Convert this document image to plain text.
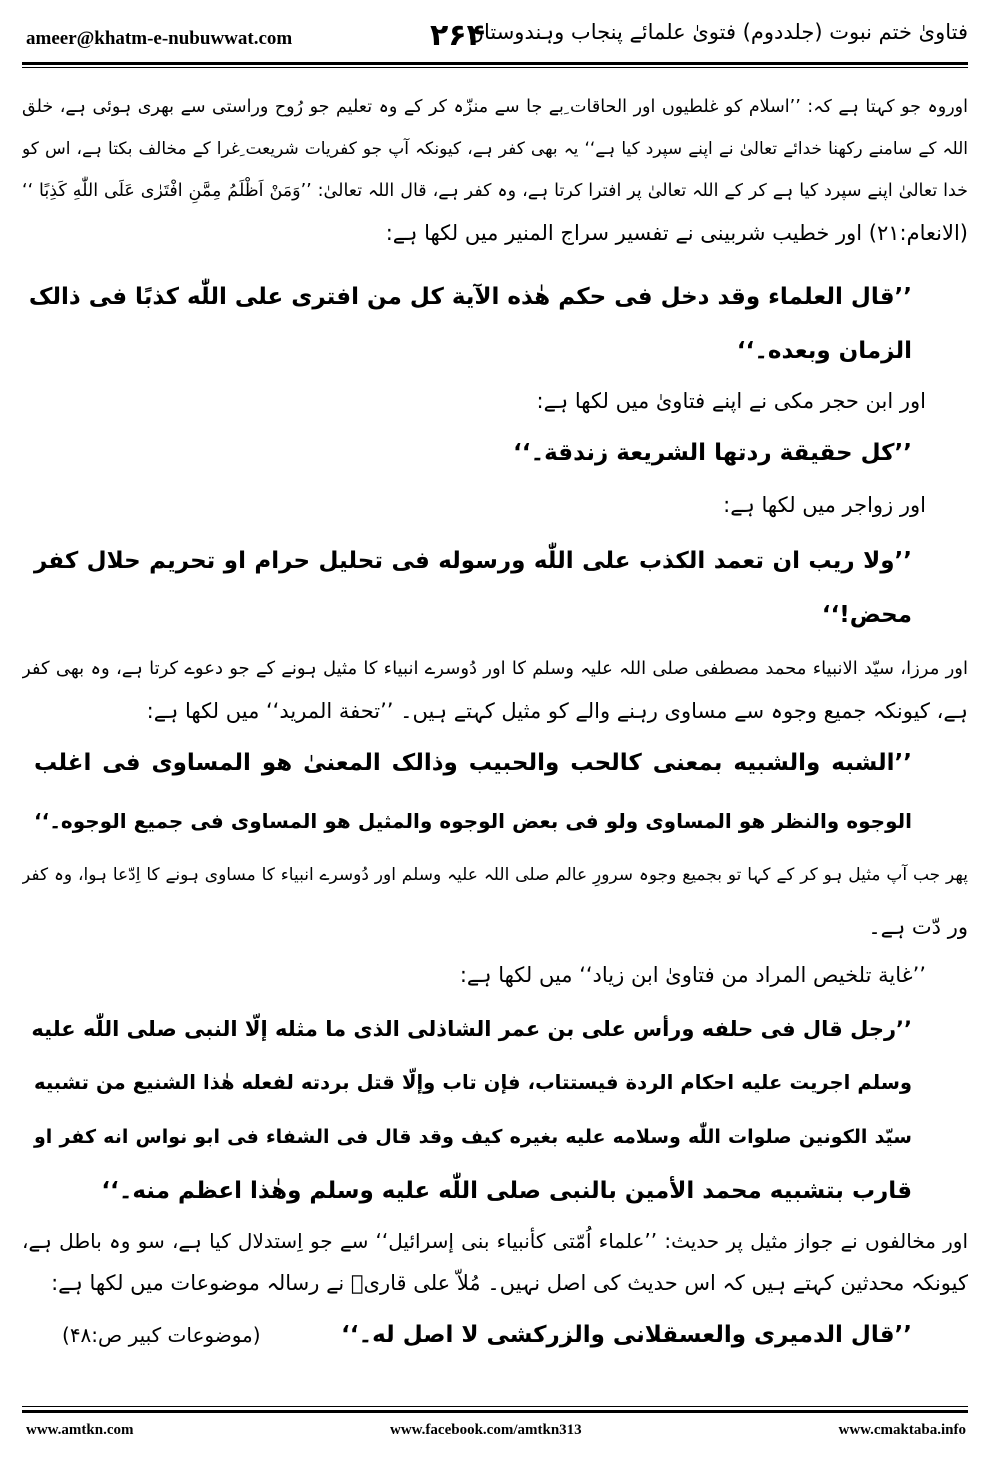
ameer@khatm-e-nubuwwat.com	۲۶۴
فتاویٰ ختم نبوت (جلددوم) فتویٰ علمائے پنجاب وہندوستان
اوروہ جو کہتا ہے کہ: ’’اسلام کو غلطیوں اور الحاقات ِبے جا سے منزّہ کر کے وہ تعلیم جو رُوح وراستی سے بھری ہوئی ہے، خلق
اللہ کے سامنے رکھنا خدائے تعالیٰ نے اپنے سپرد کیا ہے‘‘ یہ بھی کفر ہے، کیونکہ آپ جو کفریات شریعت ِغرا کے مخالف بکتا ہے، اس کو
خدا تعالیٰ اپنے سپرد کیا ہے کر کے اللہ تعالیٰ پر افترا کرتا ہے، وہ کفر ہے، قال اللہ تعالیٰ: ’’وَمَنْ اَظْلَمُ مِمَّنِ افْتَرٰی عَلَی اللّٰهِ کَذِبًا ‘‘
(الانعام:۲۱) اور خطیب شربینی نے تفسیر سراج المنیر میں لکھا ہے:
’’قال العلماء وقد دخل فی حکم هٰذه الآیة کل من افتری علی اللّٰه کذبًا فی ذالک
الزمان وبعده۔‘‘
اور ابن حجر مکی نے اپنے فتاویٰ میں لکھا ہے:
’’کل حقیقة ردتها الشریعة زندقة۔‘‘
اور زواجر میں لکھا ہے:
’’ولا ریب ان تعمد الکذب علی اللّٰه ورسوله فی تحلیل حرام او تحریم حلال کفر
محض!‘‘
اور مرزا، سیّد الانبیاء محمد مصطفی صلی اللہ علیہ وسلم کا اور دُوسرے انبیاء کا مثیل ہونے کے جو دعوے کرتا ہے، وہ بھی کفر
ہے، کیونکہ جمیع وجوہ سے مساوی رہنے والے کو مثیل کہتے ہیں۔ ’’تحفة المرید‘‘ میں لکھا ہے:
’’الشبه والشبیه بمعنی کالحب والحبیب وذالک المعنیٰ هو المساوی فی اغلب
الوجوه والنظر هو المساوی ولو فی بعض الوجوه والمثیل هو المساوی فی جمیع الوجوه۔‘‘
پھر جب آپ مثیل ہو کر کے کہا تو بجمیع وجوہ سرورِ عالم صلی اللہ علیہ وسلم اور دُوسرے انبیاء کا مساوی ہونے کا اِدّعا ہوا، وہ کفر
ور دّت ہے۔
’’غایة تلخیص المراد من فتاویٰ ابن زیاد‘‘ میں لکھا ہے:
’’رجل قال فی حلفه ورأس علی بن عمر الشاذلی الذی ما مثله إلّا النبی صلی اللّٰه علیه
وسلم اجریت علیه احکام الردة فیستتاب، فإن تاب وإلّا قتل بردته لفعله هٰذا الشنیع من تشبیه
سیّد الکونین صلوات اللّٰه وسلامه علیه بغیره کیف وقد قال فی الشفاء فی ابو نواس انه کفر او
قارب بتشبیه محمد الأمین بالنبی صلی اللّٰه علیه وسلم وهٰذا اعظم منه۔‘‘
اور مخالفوں نے جواز مثیل پر حدیث: ’’علماء اُمّتی کأنبیاء بنی إسرائیل‘‘ سے جو اِستدلال کیا ہے، سو وہ باطل ہے،
کیونکہ محدثین کہتے ہیں کہ اس حدیث کی اصل نہیں۔ مُلاّ علی قاریؒ نے رسالہ موضوعات میں لکھا ہے:
’’قال الدمیری والعسقلانی والزرکشی لا اصل له۔‘‘
(موضوعات کبیر ص:۴۸)
www.amtkn.com	www.facebook.com/amtkn313	www.cmaktaba.info
